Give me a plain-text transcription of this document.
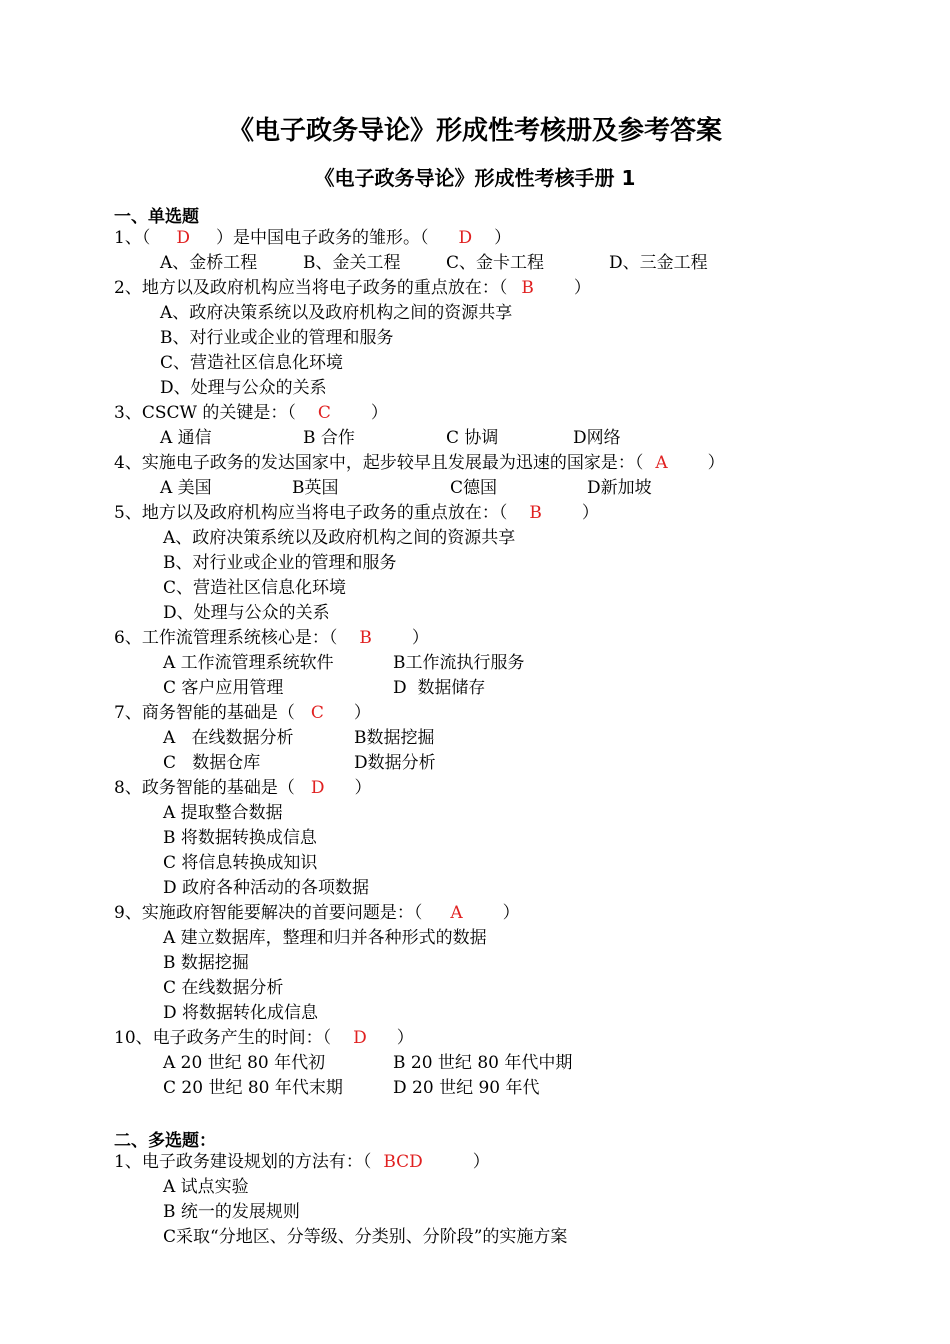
《电子政务导论》形成性考核册及参考答案
《电子政务导论》形成性考核手册 1
一、单选题
1、（ D ）是中国电子政务的雏形。（ D ）
A、金桥工程	B、金关工程	C、金卡工程	D、三金工程
2、地方以及政府机构应当将电子政务的重点放在：（ B ）
A、政府决策系统以及政府机构之间的资源共享
B、对行业或企业的管理和服务
C、营造社区信息化环境
D、处理与公众的关系
3、CSCW 的关键是：（ C ）
A 通信	B 合作	C 协调	D网络
4、实施电子政务的发达国家中，起步较早且发展最为迅速的国家是：（ A ）
A 美国	B英国	C德国	D新加坡
5、地方以及政府机构应当将电子政务的重点放在：（ B ）
A、政府决策系统以及政府机构之间的资源共享
B、对行业或企业的管理和服务
C、营造社区信息化环境
D、处理与公众的关系
6、工作流管理系统核心是：（ B ）
A 工作流管理系统软件	B工作流执行服务
C 客户应用管理	D  数据储存
7、商务智能的基础是（ C ）
A   在线数据分析	B数据挖掘
C   数据仓库	D数据分析
8、政务智能的基础是（ D ）
A 提取整合数据
B 将数据转换成信息
C 将信息转换成知识
D 政府各种活动的各项数据
9、实施政府智能要解决的首要问题是：（ A ）
A 建立数据库，整理和归并各种形式的数据
B 数据挖掘
C 在线数据分析
D 将数据转化成信息
10、电子政务产生的时间：（ D ）
A 20 世纪 80 年代初	B 20 世纪 80 年代中期
C 20 世纪 80 年代末期	D 20 世纪 90 年代
二、多选题：
1、电子政务建设规划的方法有：（ BCD	）
A 试点实验
B 统一的发展规则
C采取“分地区、分等级、分类别、分阶段”的实施方案
